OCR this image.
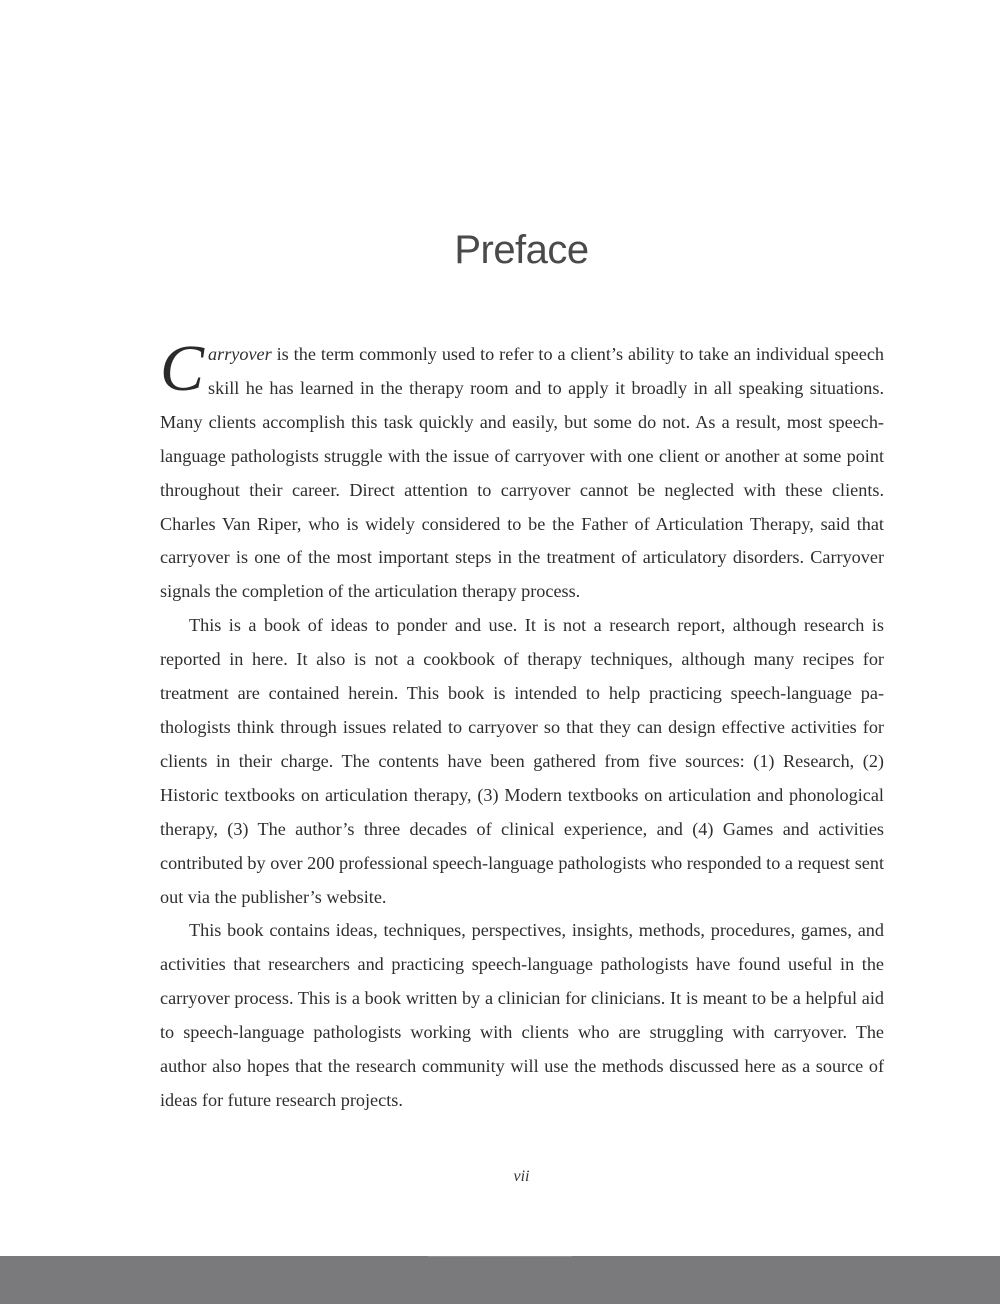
Preface

Carryover is the term commonly used to refer to a client’s ability to take an individual speech skill he has learned in the therapy room and to apply it broadly in all speaking situations. Many clients accomplish this task quickly and easily, but some do not. As a result, most speech-language pathologists struggle with the issue of carryover with one client or another at some point throughout their career. Direct attention to carryover cannot be neglected with these clients. Charles Van Riper, who is widely considered to be the Father of Articulation Therapy, said that carryover is one of the most important steps in the treatment of articulatory disorders. Carryover signals the completion of the articulation therapy process.

This is a book of ideas to ponder and use. It is not a research report, although research is reported in here. It also is not a cookbook of therapy techniques, although many recipes for treatment are contained herein. This book is intended to help practicing speech-language pathologists think through issues related to carryover so that they can design effective activities for clients in their charge. The contents have been gathered from five sources: (1) Research, (2) Historic textbooks on articulation therapy, (3) Modern textbooks on articulation and phonological therapy, (3) The author’s three decades of clinical experience, and (4) Games and activities contributed by over 200 professional speech-language pathologists who responded to a request sent out via the publisher’s website.

This book contains ideas, techniques, perspectives, insights, methods, procedures, games, and activities that researchers and practicing speech-language pathologists have found useful in the carryover process. This is a book written by a clinician for clinicians. It is meant to be a helpful aid to speech-language pathologists working with clients who are struggling with carryover. The author also hopes that the research community will use the methods discussed here as a source of ideas for future research projects.

vii
